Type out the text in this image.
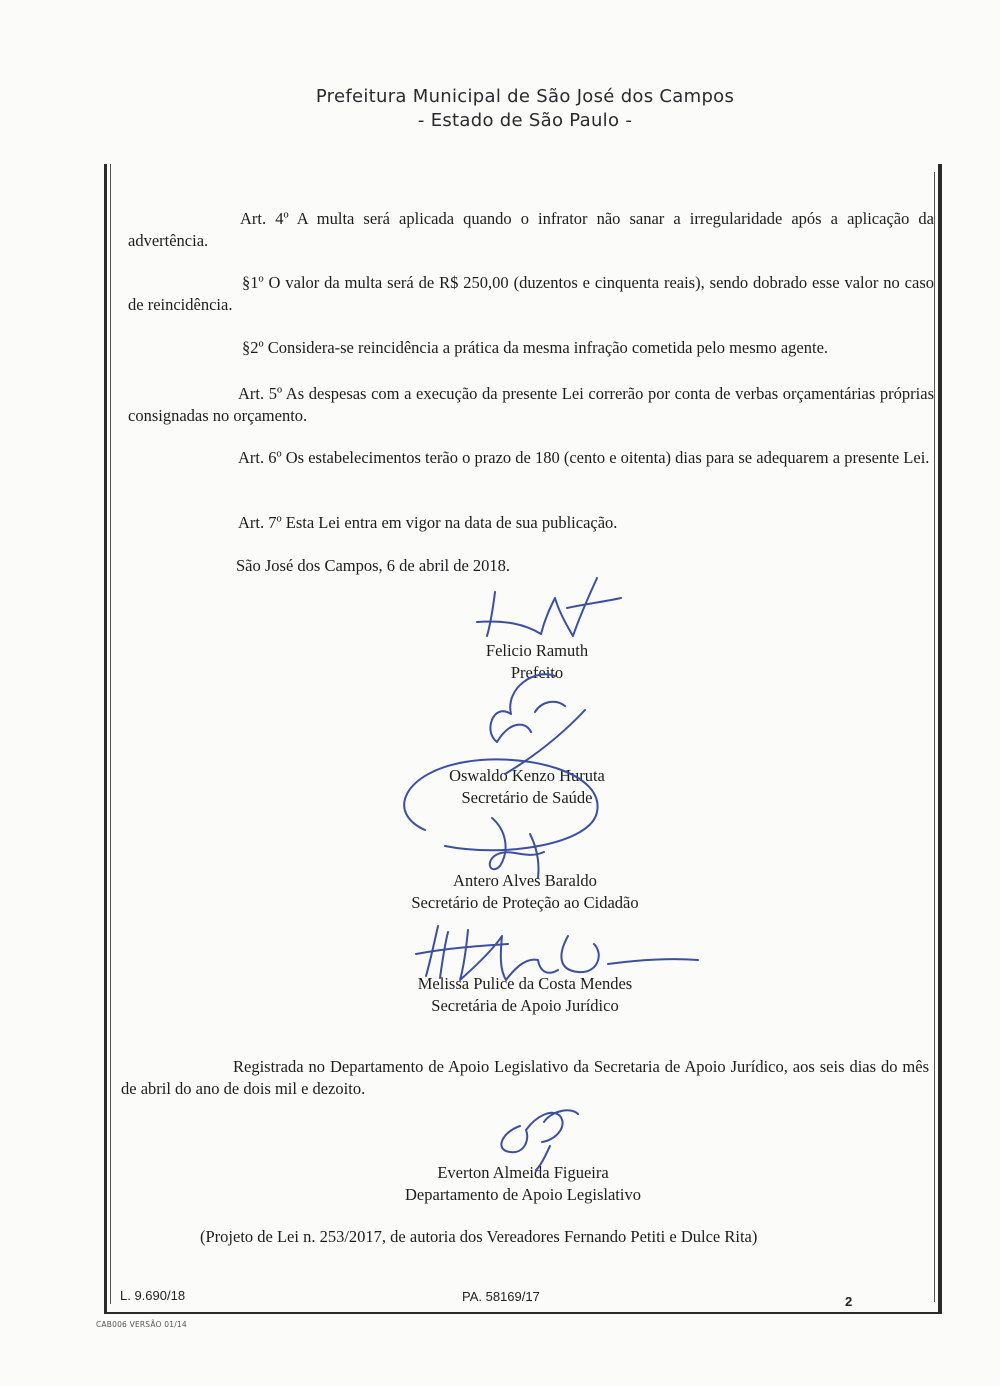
Prefeitura Municipal de São José dos Campos
- Estado de São Paulo -

Art. 4º A multa será aplicada quando o infrator não sanar a irregularidade após a aplicação da advertência.

§1º O valor da multa será de R$ 250,00 (duzentos e cinquenta reais), sendo dobrado esse valor no caso de reincidência.

§2º Considera-se reincidência a prática da mesma infração cometida pelo mesmo agente.

Art. 5º As despesas com a execução da presente Lei correrão por conta de verbas orçamentárias próprias consignadas no orçamento.

Art. 6º Os estabelecimentos terão o prazo de 180 (cento e oitenta) dias para se adequarem a presente Lei.

Art. 7º Esta Lei entra em vigor na data de sua publicação.

São José dos Campos, 6 de abril de 2018.

Felicio Ramuth
Prefeito
Oswaldo Kenzo Huruta
Secretário de Saúde
Antero Alves Baraldo
Secretário de Proteção ao Cidadão
Melissa Pulice da Costa Mendes
Secretária de Apoio Jurídico

Registrada no Departamento de Apoio Legislativo da Secretaria de Apoio Jurídico, aos seis dias do mês de abril do ano de dois mil e dezoito.

Everton Almeida Figueira
Departamento de Apoio Legislativo

(Projeto de Lei n. 253/2017, de autoria dos Vereadores Fernando Petiti e Dulce Rita)

L. 9.690/18	PA. 58169/17	2
CAB006 VERSÃO 01/14
